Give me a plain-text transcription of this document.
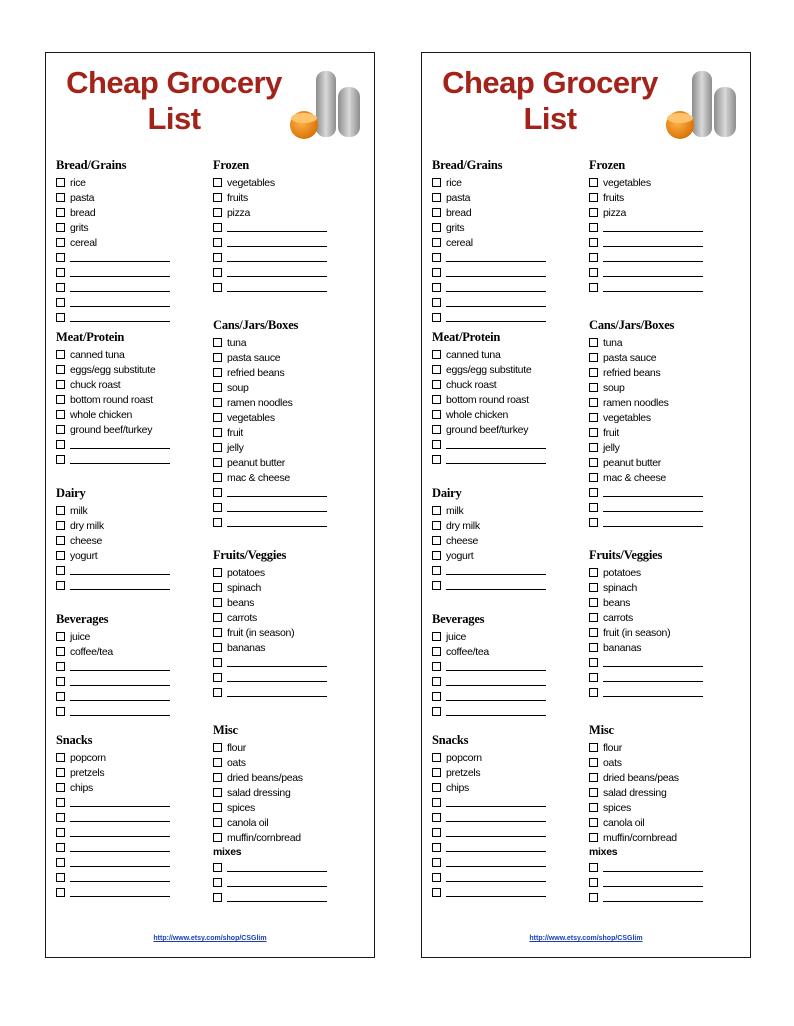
Cheap Grocery
List
Bread/Grains
rice
pasta
bread
grits
cereal
Meat/Protein
canned tuna
eggs/egg substitute
chuck roast
bottom round roast
whole chicken
ground beef/turkey
Dairy
milk
dry milk
cheese
yogurt
Beverages
juice
coffee/tea
Snacks
popcorn
pretzels
chips
Frozen
vegetables
fruits
pizza
Cans/Jars/Boxes
tuna
pasta sauce
refried beans
soup
ramen noodles
vegetables
fruit
jelly
peanut butter
mac & cheese
Fruits/Veggies
potatoes
spinach
beans
carrots
fruit (in season)
bananas
Misc
flour
oats
dried beans/peas
salad dressing
spices
canola oil
muffin/cornbread
mixes
http://www.etsy.com/shop/CSGlim
Cheap Grocery
List
Bread/Grains
rice
pasta
bread
grits
cereal
Meat/Protein
canned tuna
eggs/egg substitute
chuck roast
bottom round roast
whole chicken
ground beef/turkey
Dairy
milk
dry milk
cheese
yogurt
Beverages
juice
coffee/tea
Snacks
popcorn
pretzels
chips
Frozen
vegetables
fruits
pizza
Cans/Jars/Boxes
tuna
pasta sauce
refried beans
soup
ramen noodles
vegetables
fruit
jelly
peanut butter
mac & cheese
Fruits/Veggies
potatoes
spinach
beans
carrots
fruit (in season)
bananas
Misc
flour
oats
dried beans/peas
salad dressing
spices
canola oil
muffin/cornbread
mixes
http://www.etsy.com/shop/CSGlim
